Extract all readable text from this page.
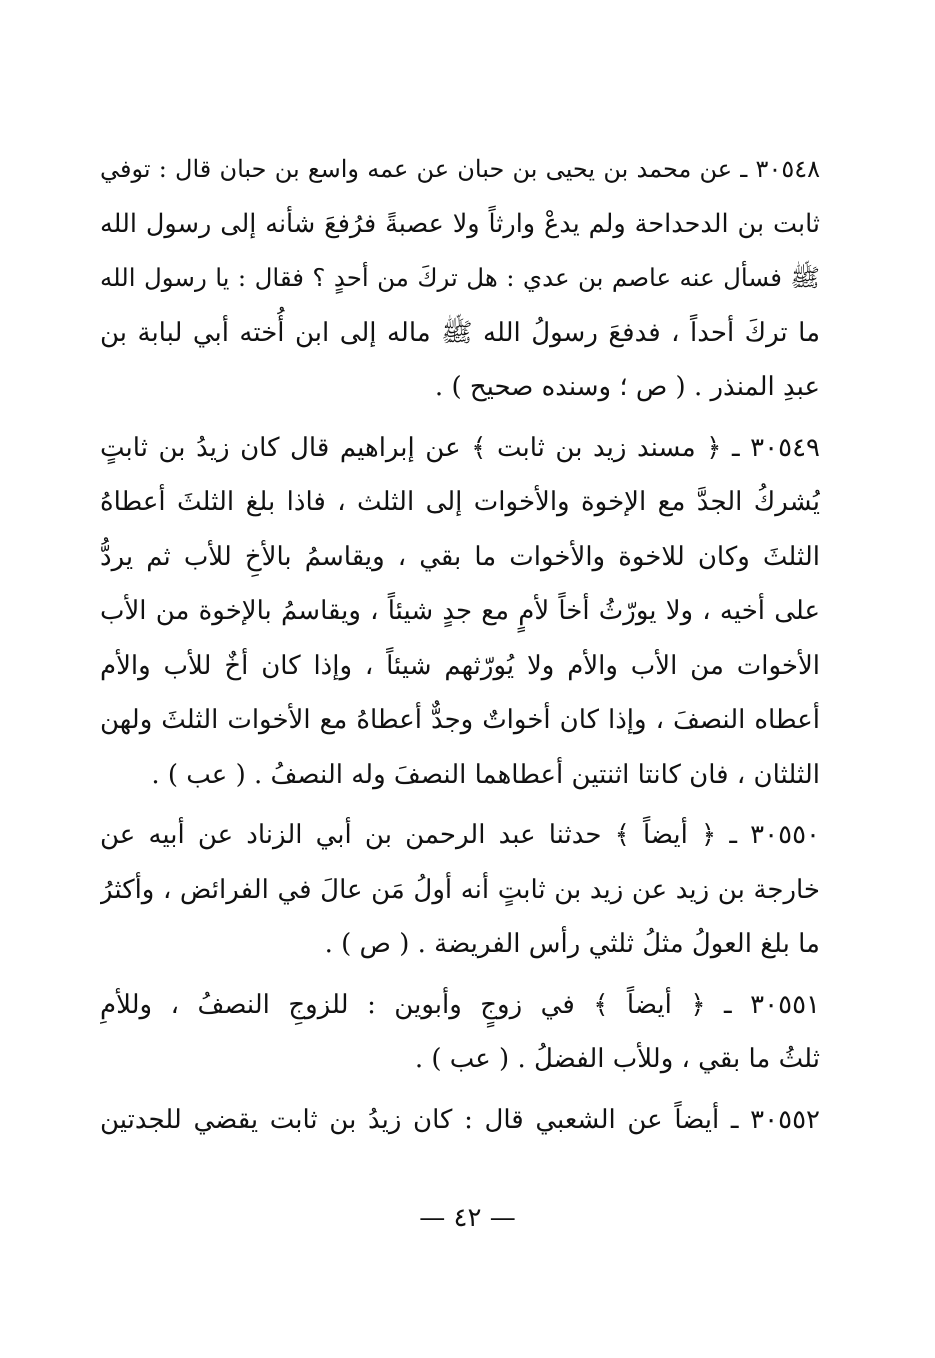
٣٠٥٤٨ ـ عن محمد بن يحيى بن حبان عن عمه واسع بن حبان قال : توفي
ثابت بن الدحداحة ولم يدعْ وارثاً ولا عصبةً فرُفعَ شأنه إلى رسول الله
ﷺ فسأل عنه عاصم بن عدي : هل تركَ من أحدٍ ؟ فقال : يا رسول الله
ما تركَ أحداً ، فدفعَ رسولُ الله ﷺ ماله إلى ابن أُخته أبي لبابة بن
عبدِ المنذر . ( ص ؛ وسنده صحيح ) .
٣٠٥٤٩ ـ ﴿ مسند زيد بن ثابت ﴾ عن إبراهيم قال كان زيدُ بن ثابتٍ
يُشركُ الجدَّ مع الإخوة والأخوات إلى الثلث ، فاذا بلغ الثلثَ أعطاهُ
الثلثَ وكان للاخوة والأخوات ما بقي ، ويقاسمُ بالأخِ للأب ثم يردُّ
على أخيه ، ولا يورّثُ أخاً لأمٍ مع جدٍ شيئاً ، ويقاسمُ بالإخوة من الأب
الأخوات من الأب والأم ولا يُورّثهم شيئاً ، وإذا كان أخٌ للأب والأم
أعطاه النصفَ ، وإذا كان أخواتٌ وجدٌّ أعطاهُ مع الأخوات الثلثَ ولهن
الثلثان ، فان كانتا اثنتين أعطاهما النصفَ وله النصفُ . ( عب ) .
٣٠٥٥٠ ـ ﴿ أيضاً ﴾ حدثنا عبد الرحمن بن أبي الزناد عن أبيه عن
خارجة بن زيد عن زيد بن ثابتٍ أنه أولُ مَن عالَ في الفرائض ، وأكثرُ
ما بلغ العولُ مثلُ ثلثي رأس الفريضة . ( ص ) .
٣٠٥٥١ ـ ﴿ أيضاً ﴾ في زوجٍ وأبوين : للزوجِ النصفُ ، وللأمِ
ثلثُ ما بقي ، وللأب الفضلُ . ( عب ) .
٣٠٥٥٢ ـ أيضاً عن الشعبي قال : كان زيدُ بن ثابت يقضي للجدتين
— ٤٢ —
